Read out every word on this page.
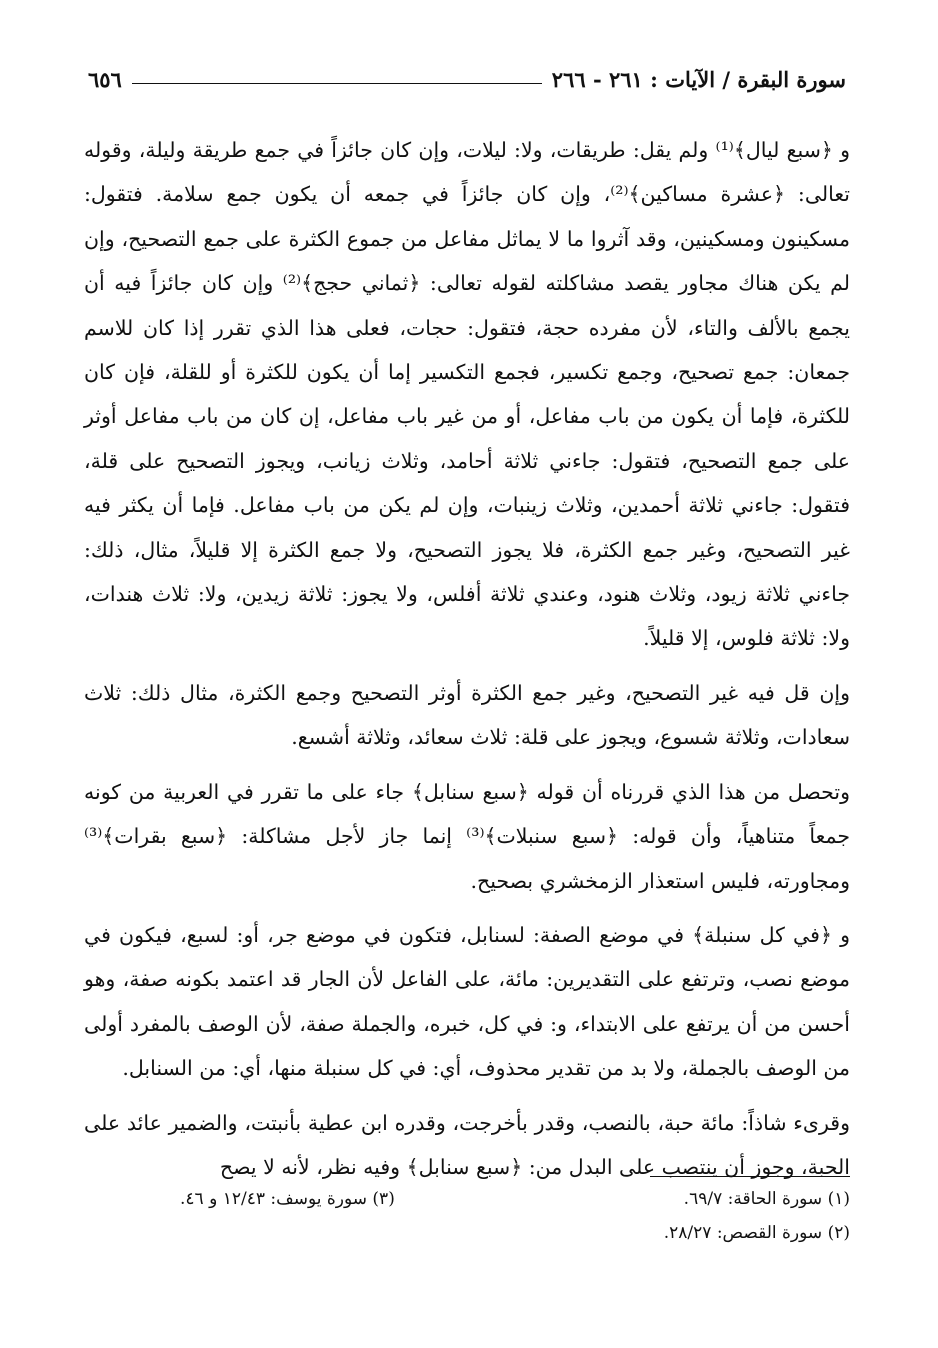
سورة البقرة / الآيات : ٢٦١ - ٢٦٦
٦٥٦

و ﴿سبع ليال﴾⁽¹⁾ ولم يقل: طريقات، ولا: ليلات، وإن كان جائزاً في جمع طريقة وليلة، وقوله تعالى: ﴿عشرة مساكين﴾⁽²⁾، وإن كان جائزاً في جمعه أن يكون جمع سلامة. فتقول: مسكينون ومسكينين، وقد آثروا ما لا يماثل مفاعل من جموع الكثرة على جمع التصحيح، وإن لم يكن هناك مجاور يقصد مشاكلته لقوله تعالى: ﴿ثماني حجج﴾⁽²⁾ وإن كان جائزاً فيه أن يجمع بالألف والتاء، لأن مفرده حجة، فتقول: حجات، فعلى هذا الذي تقرر إذا كان للاسم جمعان: جمع تصحيح، وجمع تكسير، فجمع التكسير إما أن يكون للكثرة أو للقلة، فإن كان للكثرة، فإما أن يكون من باب مفاعل، أو من غير باب مفاعل، إن كان من باب مفاعل أوثر على جمع التصحيح، فتقول: جاءني ثلاثة أحامد، وثلاث زيانب، ويجوز التصحيح على قلة، فتقول: جاءني ثلاثة أحمدين، وثلاث زينبات، وإن لم يكن من باب مفاعل. فإما أن يكثر فيه غير التصحيح، وغير جمع الكثرة، فلا يجوز التصحيح، ولا جمع الكثرة إلا قليلاً، مثال، ذلك: جاءني ثلاثة زيود، وثلاث هنود، وعندي ثلاثة أفلس، ولا يجوز: ثلاثة زيدين، ولا: ثلاث هندات، ولا: ثلاثة فلوس، إلا قليلاً.

وإن قل فيه غير التصحيح، وغير جمع الكثرة أوثر التصحيح وجمع الكثرة، مثال ذلك: ثلاث سعادات، وثلاثة شسوع، ويجوز على قلة: ثلاث سعائد، وثلاثة أشسع.

وتحصل من هذا الذي قررناه أن قوله ﴿سبع سنابل﴾ جاء على ما تقرر في العربية من كونه جمعاً متناهياً، وأن قوله: ﴿سبع سنبلات﴾⁽³⁾ إنما جاز لأجل مشاكلة: ﴿سبع بقرات﴾⁽³⁾ ومجاورته، فليس استعذار الزمخشري بصحيح.

و ﴿في كل سنبلة﴾ في موضع الصفة: لسنابل، فتكون في موضع جر، أو: لسبع، فيكون في موضع نصب، وترتفع على التقديرين: مائة، على الفاعل لأن الجار قد اعتمد بكونه صفة، وهو أحسن من أن يرتفع على الابتداء، و: في كل، خبره، والجملة صفة، لأن الوصف بالمفرد أولى من الوصف بالجملة، ولا بد من تقدير محذوف، أي: في كل سنبلة منها، أي: من السنابل.

وقرىء شاذاً: مائة حبة، بالنصب، وقدر بأخرجت، وقدره ابن عطية بأنبتت، والضمير عائد على الحبة، وجوز أن ينتصب على البدل من: ﴿سبع سنابل﴾ وفيه نظر، لأنه لا يصح

(١) سورة الحاقة: ٦٩/٧.
(٣) سورة يوسف: ١٢/٤٣ و ٤٦.
(٢) سورة القصص: ٢٨/٢٧.
